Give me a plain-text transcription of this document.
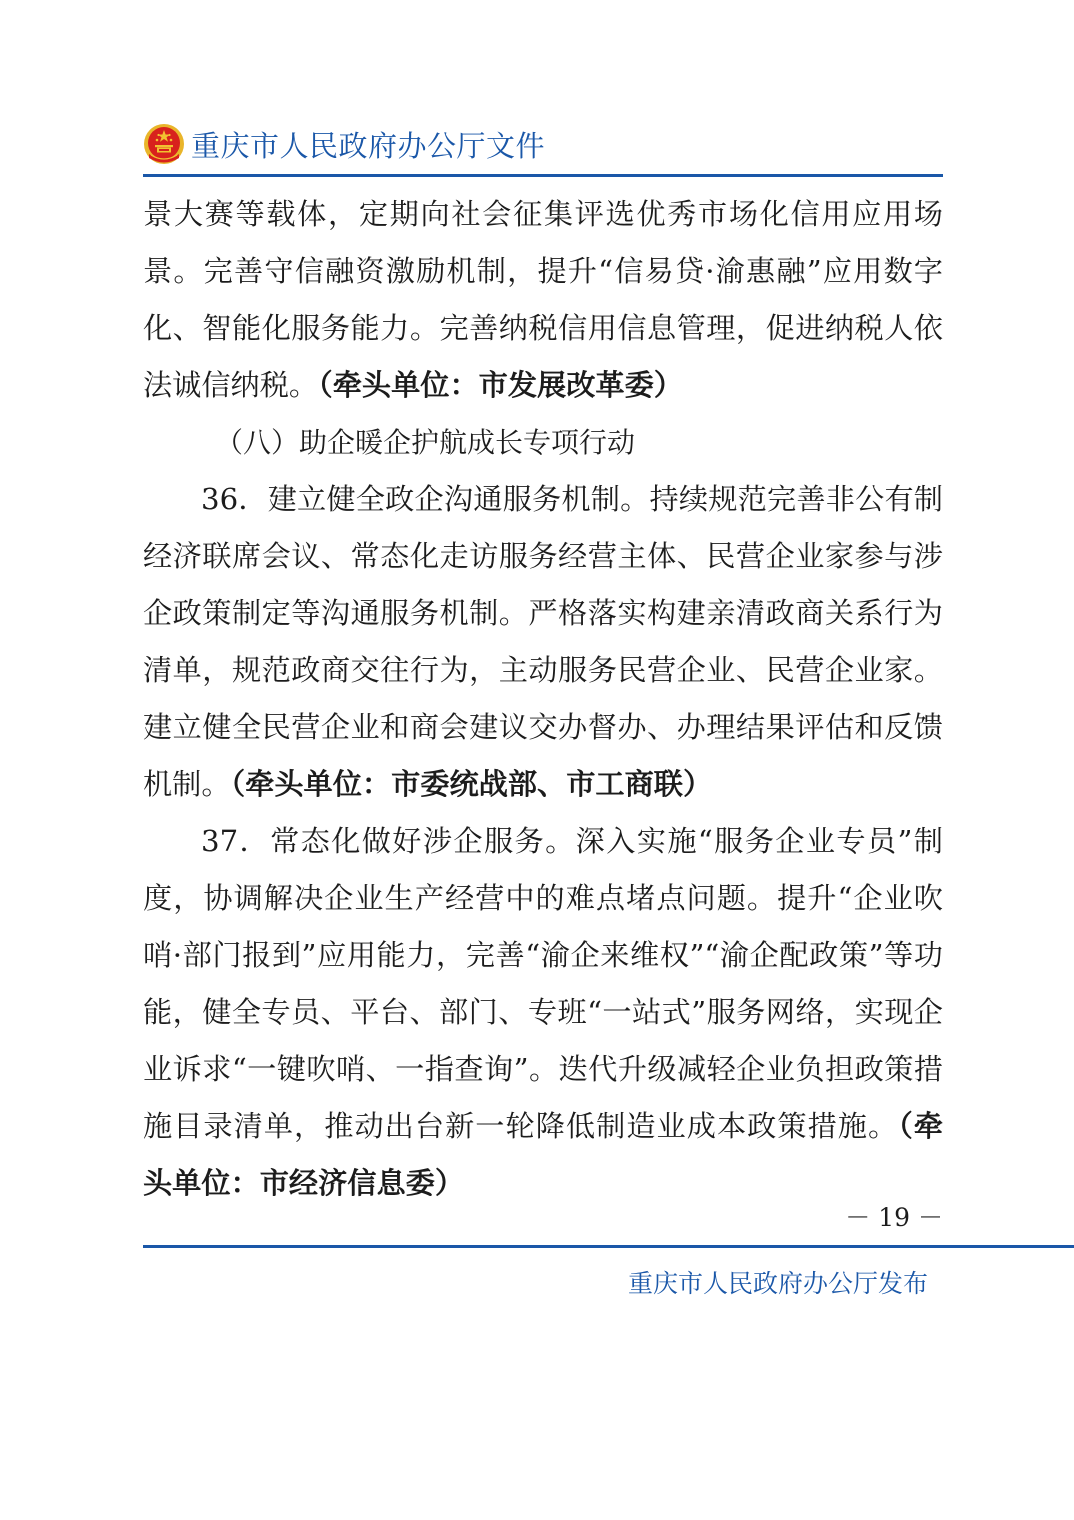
重庆市人民政府办公厅文件

景大赛等载体，定期向社会征集评选优秀市场化信用应用场景。完善守信融资激励机制，提升“信易贷·渝惠融”应用数字化、智能化服务能力。完善纳税信用信息管理，促进纳税人依法诚信纳税。（牵头单位：市发展改革委）

（八）助企暖企护航成长专项行动

36．建立健全政企沟通服务机制。持续规范完善非公有制经济联席会议、常态化走访服务经营主体、民营企业家参与涉企政策制定等沟通服务机制。严格落实构建亲清政商关系行为清单，规范政商交往行为，主动服务民营企业、民营企业家。建立健全民营企业和商会建议交办督办、办理结果评估和反馈机制。（牵头单位：市委统战部、市工商联）

37．常态化做好涉企服务。深入实施“服务企业专员”制度，协调解决企业生产经营中的难点堵点问题。提升“企业吹哨·部门报到”应用能力，完善“渝企来维权”“渝企配政策”等功能，健全专员、平台、部门、专班“一站式”服务网络，实现企业诉求“一键吹哨、一指查询”。迭代升级减轻企业负担政策措施目录清单，推动出台新一轮降低制造业成本政策措施。（牵头单位：市经济信息委）

－ 19 －
重庆市人民政府办公厅发布
